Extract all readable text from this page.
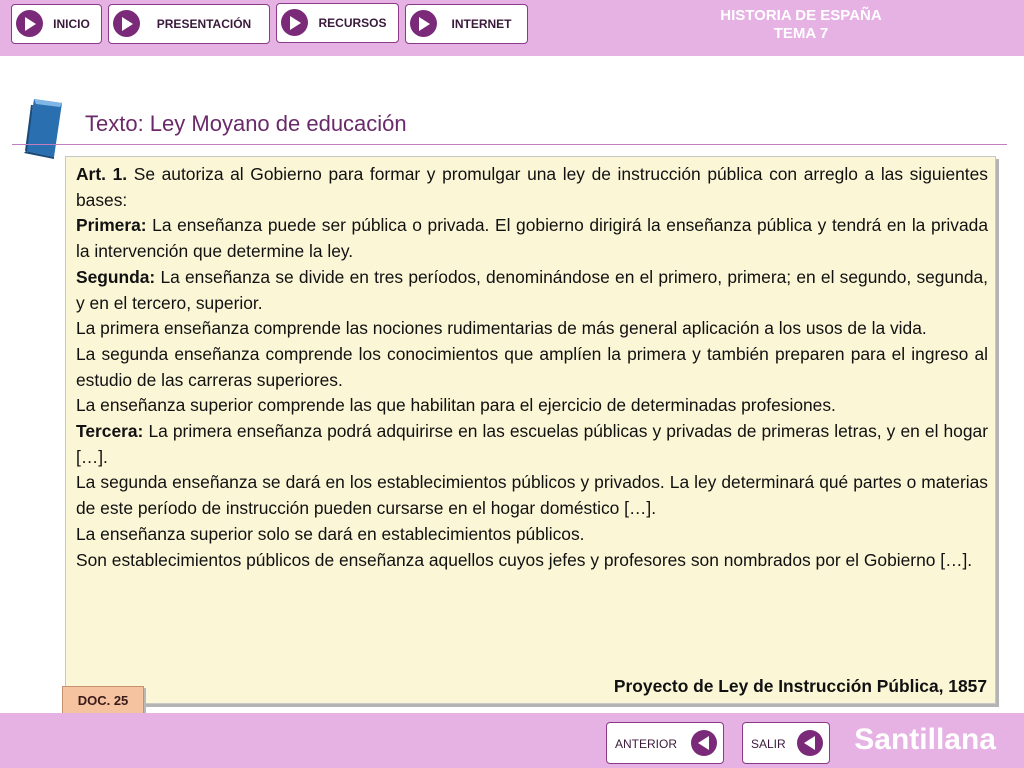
INICIO	PRESENTACIÓN	RECURSOS	INTERNET	HISTORIA DE ESPAÑA
TEMA 7
Texto: Ley Moyano de educación

Art. 1. Se autoriza al Gobierno para formar y promulgar una ley de instrucción pública con arreglo a las siguientes bases:

Primera: La enseñanza puede ser pública o privada. El gobierno dirigirá la enseñanza pública y tendrá en la privada la intervención que determine la ley.

Segunda: La enseñanza se divide en tres períodos, denominándose en el primero, primera; en el segundo, segunda, y en el tercero, superior.

La primera enseñanza comprende las nociones rudimentarias de más general aplicación a los usos de la vida.

La segunda enseñanza comprende los conocimientos que amplíen la primera y también preparen para el ingreso al estudio de las carreras superiores.

La enseñanza superior comprende las que habilitan para el ejercicio de determinadas profesiones.

Tercera: La primera enseñanza podrá adquirirse en las escuelas públicas y privadas de primeras letras, y en el hogar […].

La segunda enseñanza se dará en los establecimientos públicos y privados. La ley determinará qué partes o materias de este período de instrucción pueden cursarse en el hogar doméstico […].

La enseñanza superior solo se dará en establecimientos públicos.

Son establecimientos públicos de enseñanza aquellos cuyos jefes y profesores son nombrados por el Gobierno […].

Proyecto de Ley de Instrucción Pública, 1857
DOC. 25
ANTERIOR	SALIR Santillana
